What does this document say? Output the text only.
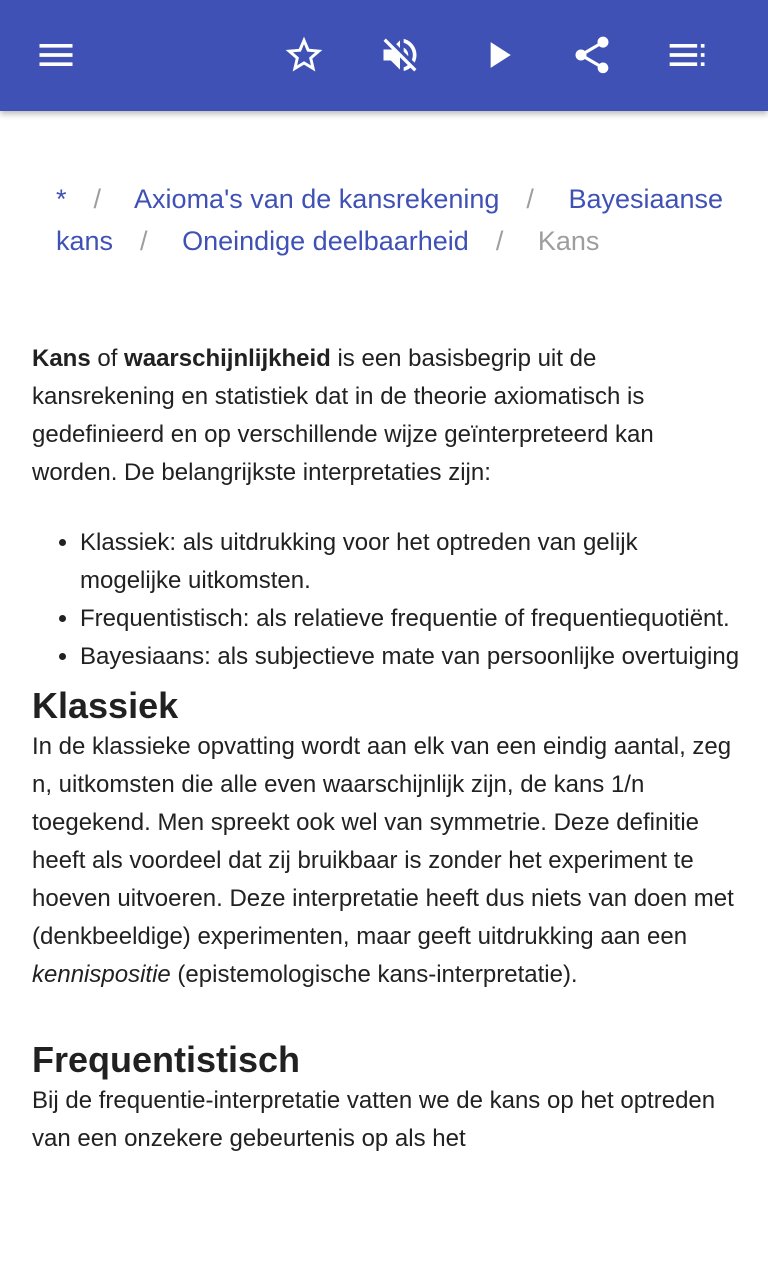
* / Axioma's van de kansrekening / Bayesiaanse kans / Oneindige deelbaarheid / Kans

Kans of waarschijnlijkheid is een basisbegrip uit de kansrekening en statistiek dat in de theorie axiomatisch is gedefinieerd en op verschillende wijze geïnterpreteerd kan worden. De belangrijkste interpretaties zijn:

• Klassiek: als uitdrukking voor het optreden van gelijk mogelijke uitkomsten.
• Frequentistisch: als relatieve frequentie of frequentiequotiënt.
• Bayesiaans: als subjectieve mate van persoonlijke overtuiging
Klassiek

In de klassieke opvatting wordt aan elk van een eindig aantal, zeg n, uitkomsten die alle even waarschijnlijk zijn, de kans 1/n toegekend. Men spreekt ook wel van symmetrie. Deze definitie heeft als voordeel dat zij bruikbaar is zonder het experiment te hoeven uitvoeren. Deze interpretatie heeft dus niets van doen met (denkbeeldige) experimenten, maar geeft uitdrukking aan een kennispositie (epistemologische kans-interpretatie).

Frequentistisch

Bij de frequentie-interpretatie vatten we de kans op het optreden van een onzekere gebeurtenis op als het
